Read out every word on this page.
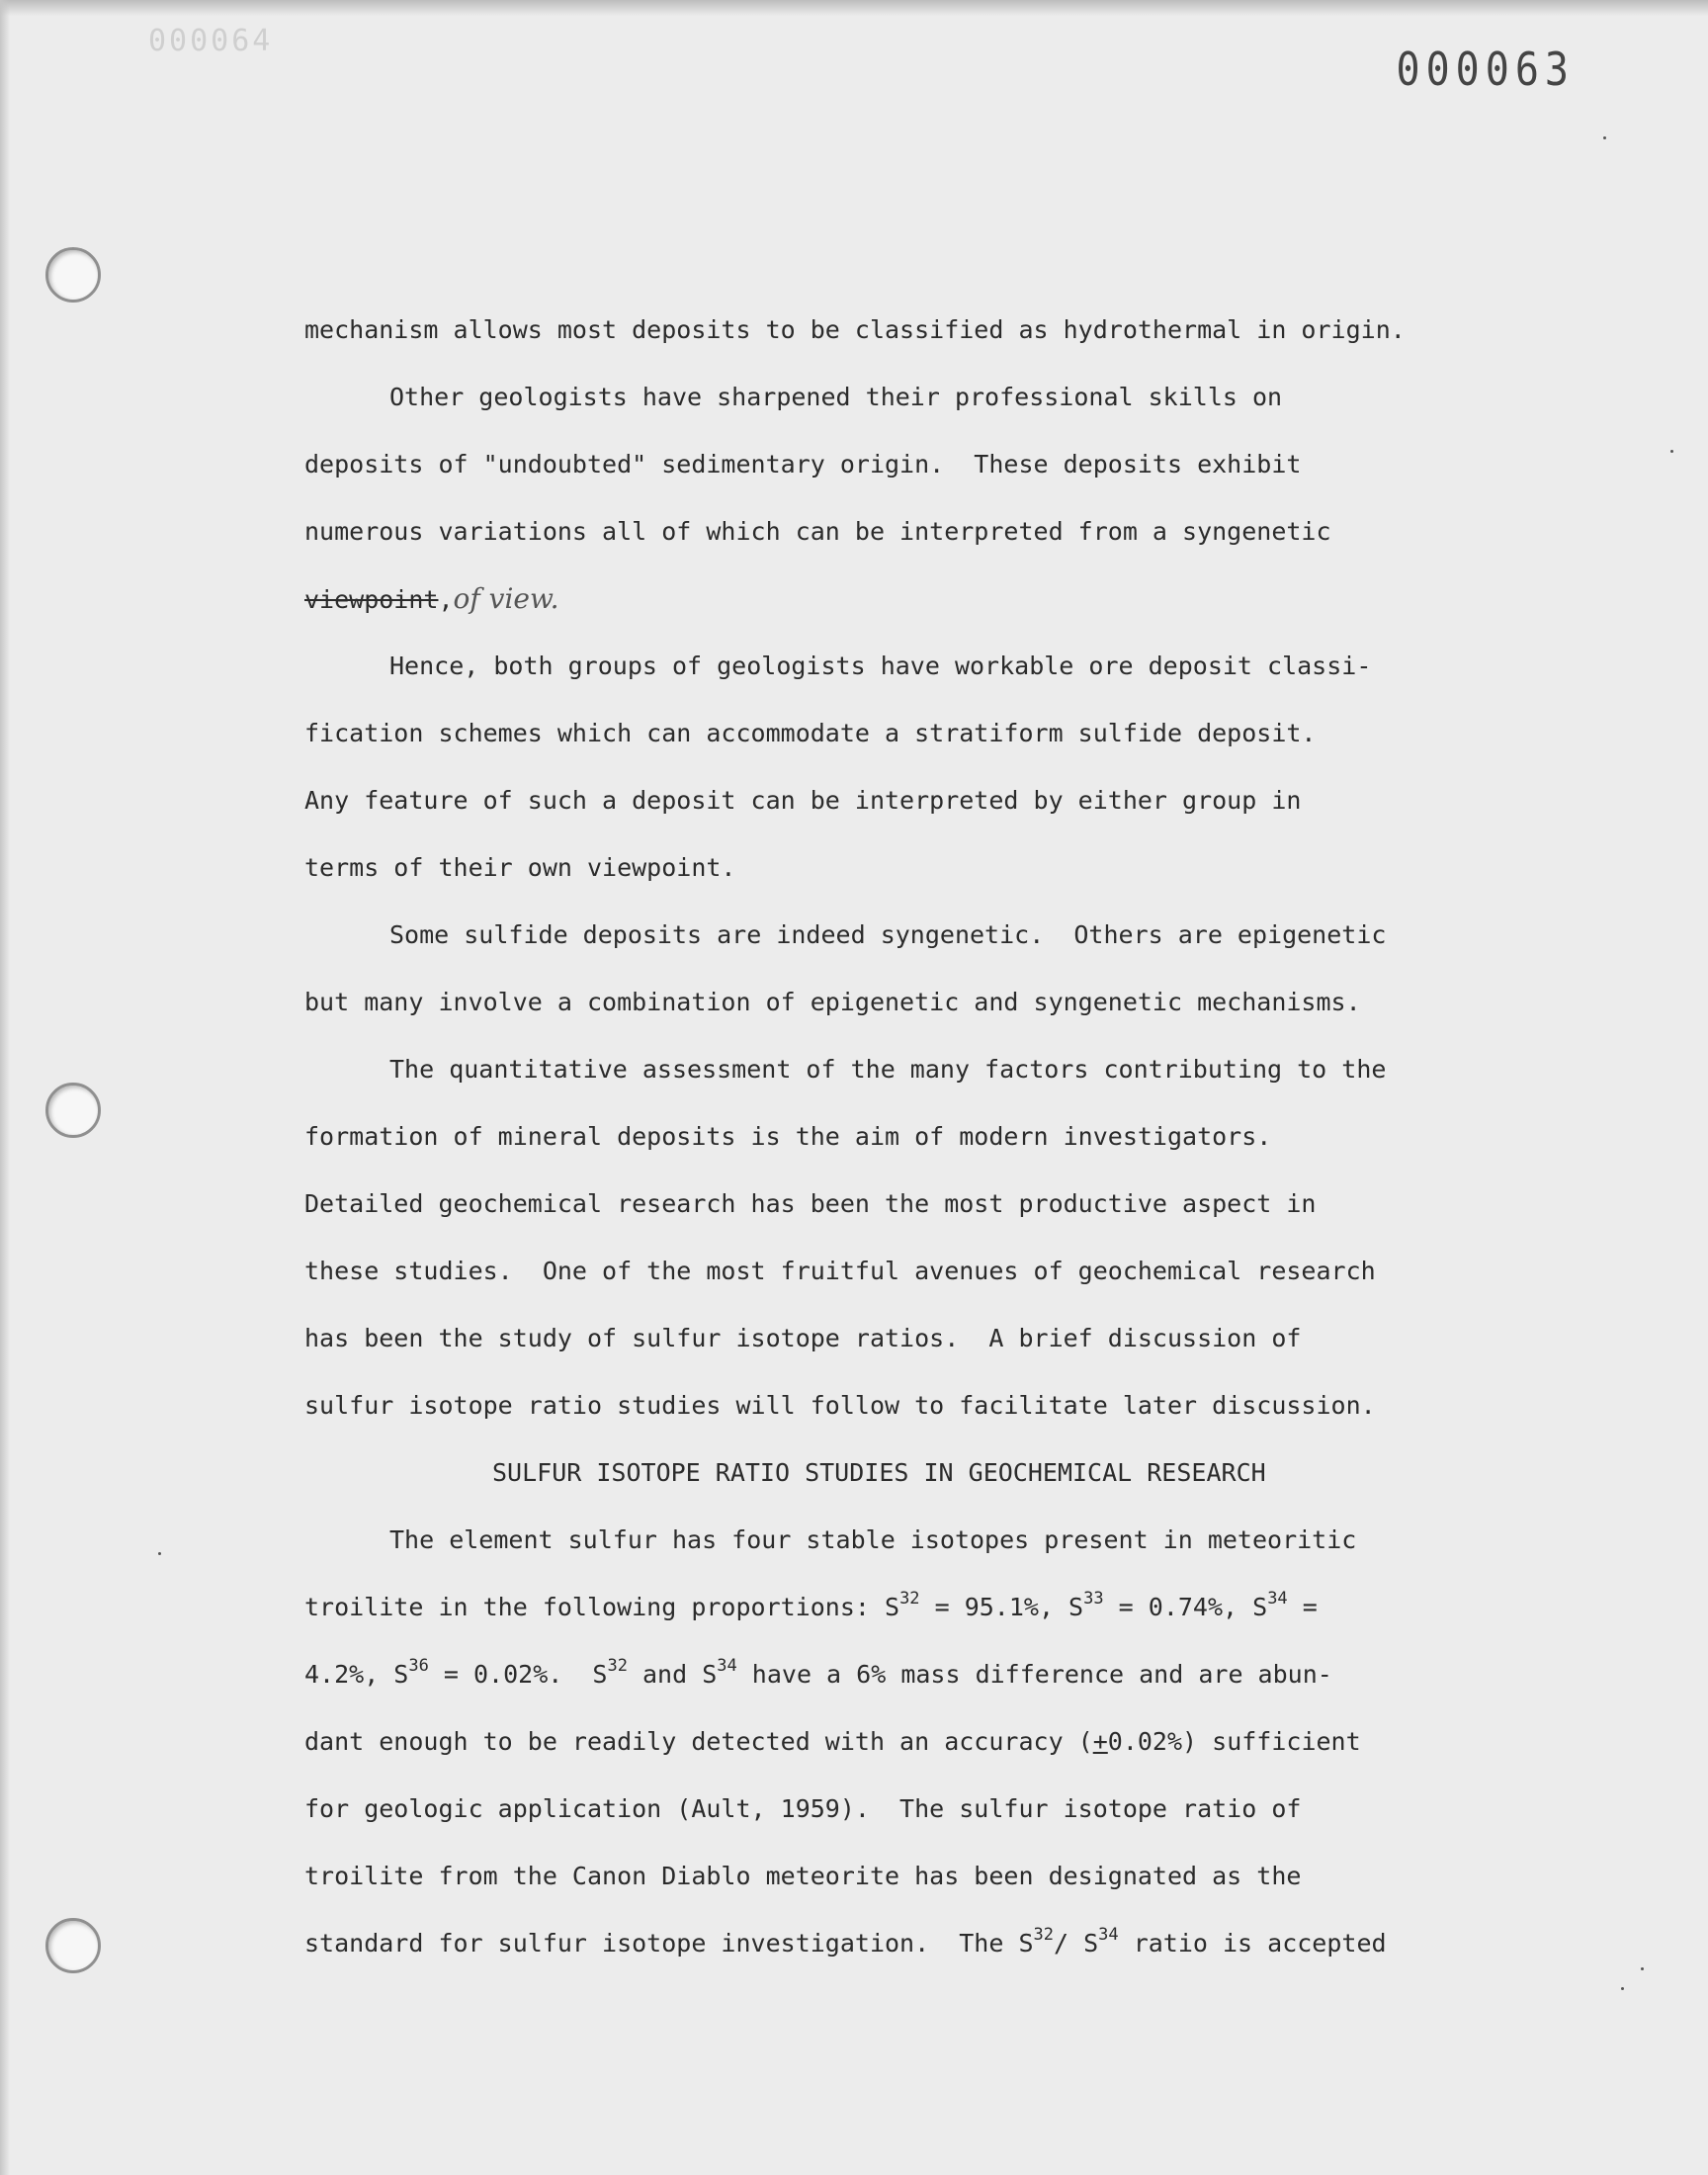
000064
000063
mechanism allows most deposits to be classified as hydrothermal in origin.
Other geologists have sharpened their professional skills on
deposits of "undoubted" sedimentary origin.  These deposits exhibit
numerous variations all of which can be interpreted from a syngenetic
viewpoint,of view.
Hence, both groups of geologists have workable ore deposit classi-
fication schemes which can accommodate a stratiform sulfide deposit.
Any feature of such a deposit can be interpreted by either group in
terms of their own viewpoint.
Some sulfide deposits are indeed syngenetic.  Others are epigenetic
but many involve a combination of epigenetic and syngenetic mechanisms.
The quantitative assessment of the many factors contributing to the
formation of mineral deposits is the aim of modern investigators.
Detailed geochemical research has been the most productive aspect in
these studies.  One of the most fruitful avenues of geochemical research
has been the study of sulfur isotope ratios.  A brief discussion of
sulfur isotope ratio studies will follow to facilitate later discussion.
SULFUR ISOTOPE RATIO STUDIES IN GEOCHEMICAL RESEARCH
The element sulfur has four stable isotopes present in meteoritic
troilite in the following proportions: $S^{32} = 95.1\%$, $S^{33} = 0.74\%$, $S^{34}$ =
4.2%, $S^{36} = 0.02\%$.  $S^{32}$ and $S^{34}$ have a 6% mass difference and are abun-
dant enough to be readily detected with an accuracy (+0.02%) sufficient
for geologic application (Ault, 1959).  The sulfur isotope ratio of
troilite from the Canon Diablo meteorite has been designated as the
standard for sulfur isotope investigation.  The $S^{32}/$ $S^{34}$ ratio is accepted
